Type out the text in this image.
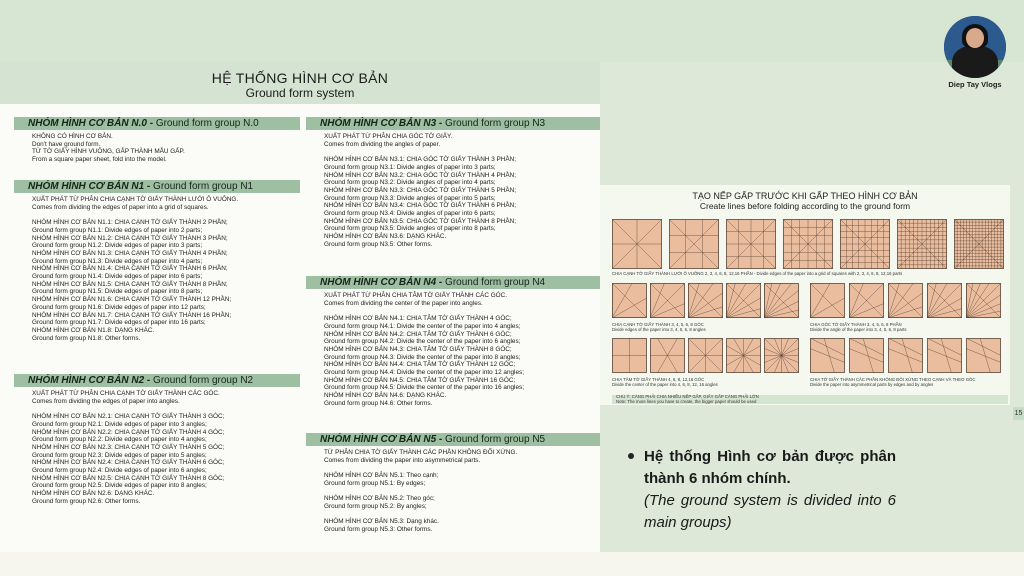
HỆ THỐNG HÌNH CƠ BẢN
Ground form system
NHÓM HÌNH CƠ BẢN N.0 - Ground form group N.0
KHÔNG CÓ HÌNH CƠ BẢN.
Don't have ground form.
TỪ TỜ GIẤY HÌNH VUÔNG, GẤP THÀNH MẪU GẤP.
From a square paper sheet, fold into the model.
NHÓM HÌNH CƠ BẢN N1 - Ground form group N1
XUẤT PHÁT TỪ PHÂN CHIA CẠNH TỜ GIẤY THÀNH LƯỚI Ô VUÔNG.
Comes from dividing the edges of paper into a grid of squares.

NHÓM HÌNH CƠ BẢN N1.1: CHIA CẠNH TỜ GIẤY THÀNH 2 PHẦN;
Ground form group N1.1: Divide edges of paper into 2 parts;
NHÓM HÌNH CƠ BẢN N1.2: CHIA CẠNH TỜ GIẤY THÀNH 3 PHẦN;
Ground form group N1.2: Divide edges of paper into 3 parts;
NHÓM HÌNH CƠ BẢN N1.3: CHIA CẠNH TỜ GIẤY THÀNH 4 PHẦN;
Ground form group N1.3: Divide edges of paper into 4 parts;
NHÓM HÌNH CƠ BẢN N1.4: CHIA CẠNH TỜ GIẤY THÀNH 6 PHẦN;
Ground form group N1.4: Divide edges of paper into 6 parts;
NHÓM HÌNH CƠ BẢN N1.5: CHIA CẠNH TỜ GIẤY THÀNH 8 PHẦN;
Ground form group N1.5: Divide edges of paper into 8 parts;
NHÓM HÌNH CƠ BẢN N1.6: CHIA CẠNH TỜ GIẤY THÀNH 12 PHẦN;
Ground form group N1.6: Divide edges of paper into 12 parts;
NHÓM HÌNH CƠ BẢN N1.7: CHIA CẠNH TỜ GIẤY THÀNH 16 PHẦN;
Ground form group N1.7: Divide edges of paper into 16 parts;
NHÓM HÌNH CƠ BẢN N1.8: DẠNG KHÁC.
Ground form group N1.8: Other forms.
NHÓM HÌNH CƠ BẢN N2 - Ground form group N2
XUẤT PHÁT TỪ PHÂN CHIA CẠNH TỜ GIẤY THÀNH CÁC GÓC.
Comes from dividing the edges of paper into angles.

NHÓM HÌNH CƠ BẢN N2.1: CHIA CẠNH TỜ GIẤY THÀNH 3 GÓC;
Ground form group N2.1: Divide edges of paper into 3 angles;
NHÓM HÌNH CƠ BẢN N2.2: CHIA CẠNH TỜ GIẤY THÀNH 4 GÓC;
Ground form group N2.2: Divide edges of paper into 4 angles;
NHÓM HÌNH CƠ BẢN N2.3: CHIA CẠNH TỜ GIẤY THÀNH 5 GÓC;
Ground form group N2.3: Divide edges of paper into 5 angles;
NHÓM HÌNH CƠ BẢN N2.4: CHIA CẠNH TỜ GIẤY THÀNH 6 GÓC;
Ground form group N2.4: Divide edges of paper into 6 angles;
NHÓM HÌNH CƠ BẢN N2.5: CHIA CẠNH TỜ GIẤY THÀNH 8 GÓC;
Ground form group N2.5: Divide edges of paper into 8 angles;
NHÓM HÌNH CƠ BẢN N2.6: DẠNG KHÁC.
Ground form group N2.6: Other forms.
NHÓM HÌNH CƠ BẢN N3 - Ground form group N3
XUẤT PHÁT TỪ PHÂN CHIA GÓC TỜ GIẤY.
Comes from dividing the angles of paper.

NHÓM HÌNH CƠ BẢN N3.1: CHIA GÓC TỜ GIẤY THÀNH 3 PHẦN;
Ground form group N3.1: Divide angles of paper into 3 parts;
NHÓM HÌNH CƠ BẢN N3.2: CHIA GÓC TỜ GIẤY THÀNH 4 PHẦN;
Ground form group N3.2: Divide angles of paper into 4 parts;
NHÓM HÌNH CƠ BẢN N3.3: CHIA GÓC TỜ GIẤY THÀNH 5 PHẦN;
Ground form group N3.3: Divide angles of paper into 5 parts;
NHÓM HÌNH CƠ BẢN N3.4: CHIA GÓC TỜ GIẤY THÀNH 6 PHẦN;
Ground form group N3.4: Divide angles of paper into 6 parts;
NHÓM HÌNH CƠ BẢN N3.5: CHIA GÓC TỜ GIẤY THÀNH 8 PHẦN;
Ground form group N3.5: Divide angles of paper into 8 parts;
NHÓM HÌNH CƠ BẢN N3.6: DẠNG KHÁC.
Ground form group N3.5: Other forms.
NHÓM HÌNH CƠ BẢN N4 - Ground form group N4
XUẤT PHÁT TỪ PHÂN CHIA TÂM TỜ GIẤY THÀNH CÁC GÓC.
Comes from dividing the center of the paper into angles.

NHÓM HÌNH CƠ BẢN N4.1: CHIA TÂM TỜ GIẤY THÀNH 4 GÓC;
Ground form group N4.1: Divide the center of the paper into 4 angles;
NHÓM HÌNH CƠ BẢN N4.2: CHIA TÂM TỜ GIẤY THÀNH 6 GÓC;
Ground form group N4.2: Divide the center of the paper into 6 angles;
NHÓM HÌNH CƠ BẢN N4.3: CHIA TÂM TỜ GIẤY THÀNH 8 GÓC;
Ground form group N4.3: Divide the center of the paper into 8 angles;
NHÓM HÌNH CƠ BẢN N4.4: CHIA TÂM TỜ GIẤY THÀNH 12 GÓC;
Ground form group N4.4: Divide the center of the paper into 12 angles;
NHÓM HÌNH CƠ BẢN N4.5: CHIA TÂM TỜ GIẤY THÀNH 16 GÓC;
Ground form group N4.5: Divide the center of the paper into 16 angles;
NHÓM HÌNH CƠ BẢN N4.6: DẠNG KHÁC.
Ground form group N4.6: Other forms.
NHÓM HÌNH CƠ BẢN N5 - Ground form group N5
TỪ PHÂN CHIA TỜ GIẤY THÀNH CÁC PHẦN KHÔNG ĐỐI XỨNG.
Comes from dividing the paper into asymmetrical parts.

NHÓM HÌNH CƠ BẢN N5.1: Theo cạnh;
Ground form group N5.1: By edges;

NHÓM HÌNH CƠ BẢN N5.2: Theo góc;
Ground form group N5.2: By angles;

NHÓM HÌNH CƠ BẢN N5.3: Dạng khác.
Ground form group N5.3: Other forms.
Diep Tay Vlogs
TẠO NẾP GẤP TRƯỚC KHI GẤP THEO HÌNH CƠ BẢN
Create lines before folding according to the ground form
CHIA CẠNH TỜ GIẤY THÀNH LƯỚI Ô VUÔNG 2, 3, 4, 6, 8, 12,16 PHẦN - Divide edges of the paper into a grid of squares with 2, 3, 4, 6, 8, 12,16 parts
CHIA CẠNH TỜ GIẤY THÀNH 3, 4, 5, 6, 8 GÓC
Divide edges of the paper into 3, 4, 5, 6, 8 angles
CHIA GÓC TỜ GIẤY THÀNH 3, 4, 5, 6, 8 PHẦN
Divide the angle of the paper into 3, 4, 5, 6, 8 parts
CHIA TÂM TỜ GIẤY THÀNH 4, 6, 8, 12,16 GÓC
Divide the center of the paper into 4, 6, 8, 12, 16 angles
CHIA TỜ GIẤY THÀNH CÁC PHẦN KHÔNG ĐỐI XỨNG THEO CẠNH VÀ THEO GÓC
Divide the paper into asymmetrical parts by edges and by angles
CHÚ Ý: CÀNG PHẢI CHIA NHIỀU NẾP GẤP, GIẤY GẤP CÀNG PHẢI LỚN
Note: The more lines you have to create, the bigger paper should be used
15
Hệ thống Hình cơ bản được phân thành 6 nhóm chính.
(The ground system is divided into 6 main groups)
